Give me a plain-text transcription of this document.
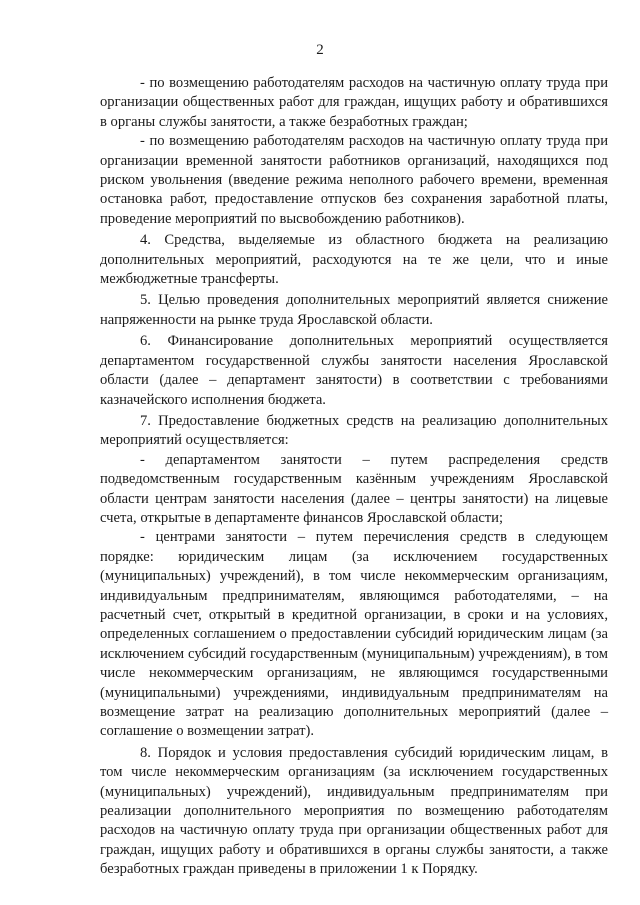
2

- по возмещению работодателям расходов на частичную оплату труда при организации общественных работ для граждан, ищущих работу и обратившихся в органы службы занятости, а также безработных граждан;

- по возмещению работодателям расходов на частичную оплату труда при организации временной занятости работников организаций, находящихся под риском увольнения (введение режима неполного рабочего времени, временная остановка работ, предоставление отпусков без сохранения заработной платы, проведение мероприятий по высвобождению работников).

4. Средства, выделяемые из областного бюджета на реализацию дополнительных мероприятий, расходуются на те же цели, что и иные межбюджетные трансферты.

5. Целью проведения дополнительных мероприятий является снижение напряженности на рынке труда Ярославской области.

6. Финансирование дополнительных мероприятий осуществляется департаментом государственной службы занятости населения Ярославской области (далее – департамент занятости) в соответствии с требованиями казначейского исполнения бюджета.

7. Предоставление бюджетных средств на реализацию дополнительных мероприятий осуществляется:

- департаментом занятости – путем распределения средств подведомственным государственным казённым учреждениям Ярославской области центрам занятости населения (далее – центры занятости) на лицевые счета, открытые в департаменте финансов Ярославской области;

- центрами занятости – путем перечисления средств в следующем порядке: юридическим лицам (за исключением государственных (муниципальных) учреждений), в том числе некоммерческим организациям, индивидуальным предпринимателям, являющимся работодателями, – на расчетный счет, открытый в кредитной организации, в сроки и на условиях, определенных соглашением о предоставлении субсидий юридическим лицам (за исключением субсидий государственным (муниципальным) учреждениям), в том числе некоммерческим организациям, не являющимся государственными (муниципальными) учреждениями, индивидуальным предпринимателям на возмещение затрат на реализацию дополнительных мероприятий (далее – соглашение о возмещении затрат).

8. Порядок и условия предоставления субсидий юридическим лицам, в том числе некоммерческим организациям (за исключением государственных (муниципальных) учреждений), индивидуальным предпринимателям при реализации дополнительного мероприятия по возмещению работодателям расходов на частичную оплату труда при организации общественных работ для граждан, ищущих работу и обратившихся в органы службы занятости, а также безработных граждан приведены в приложении 1 к Порядку.
